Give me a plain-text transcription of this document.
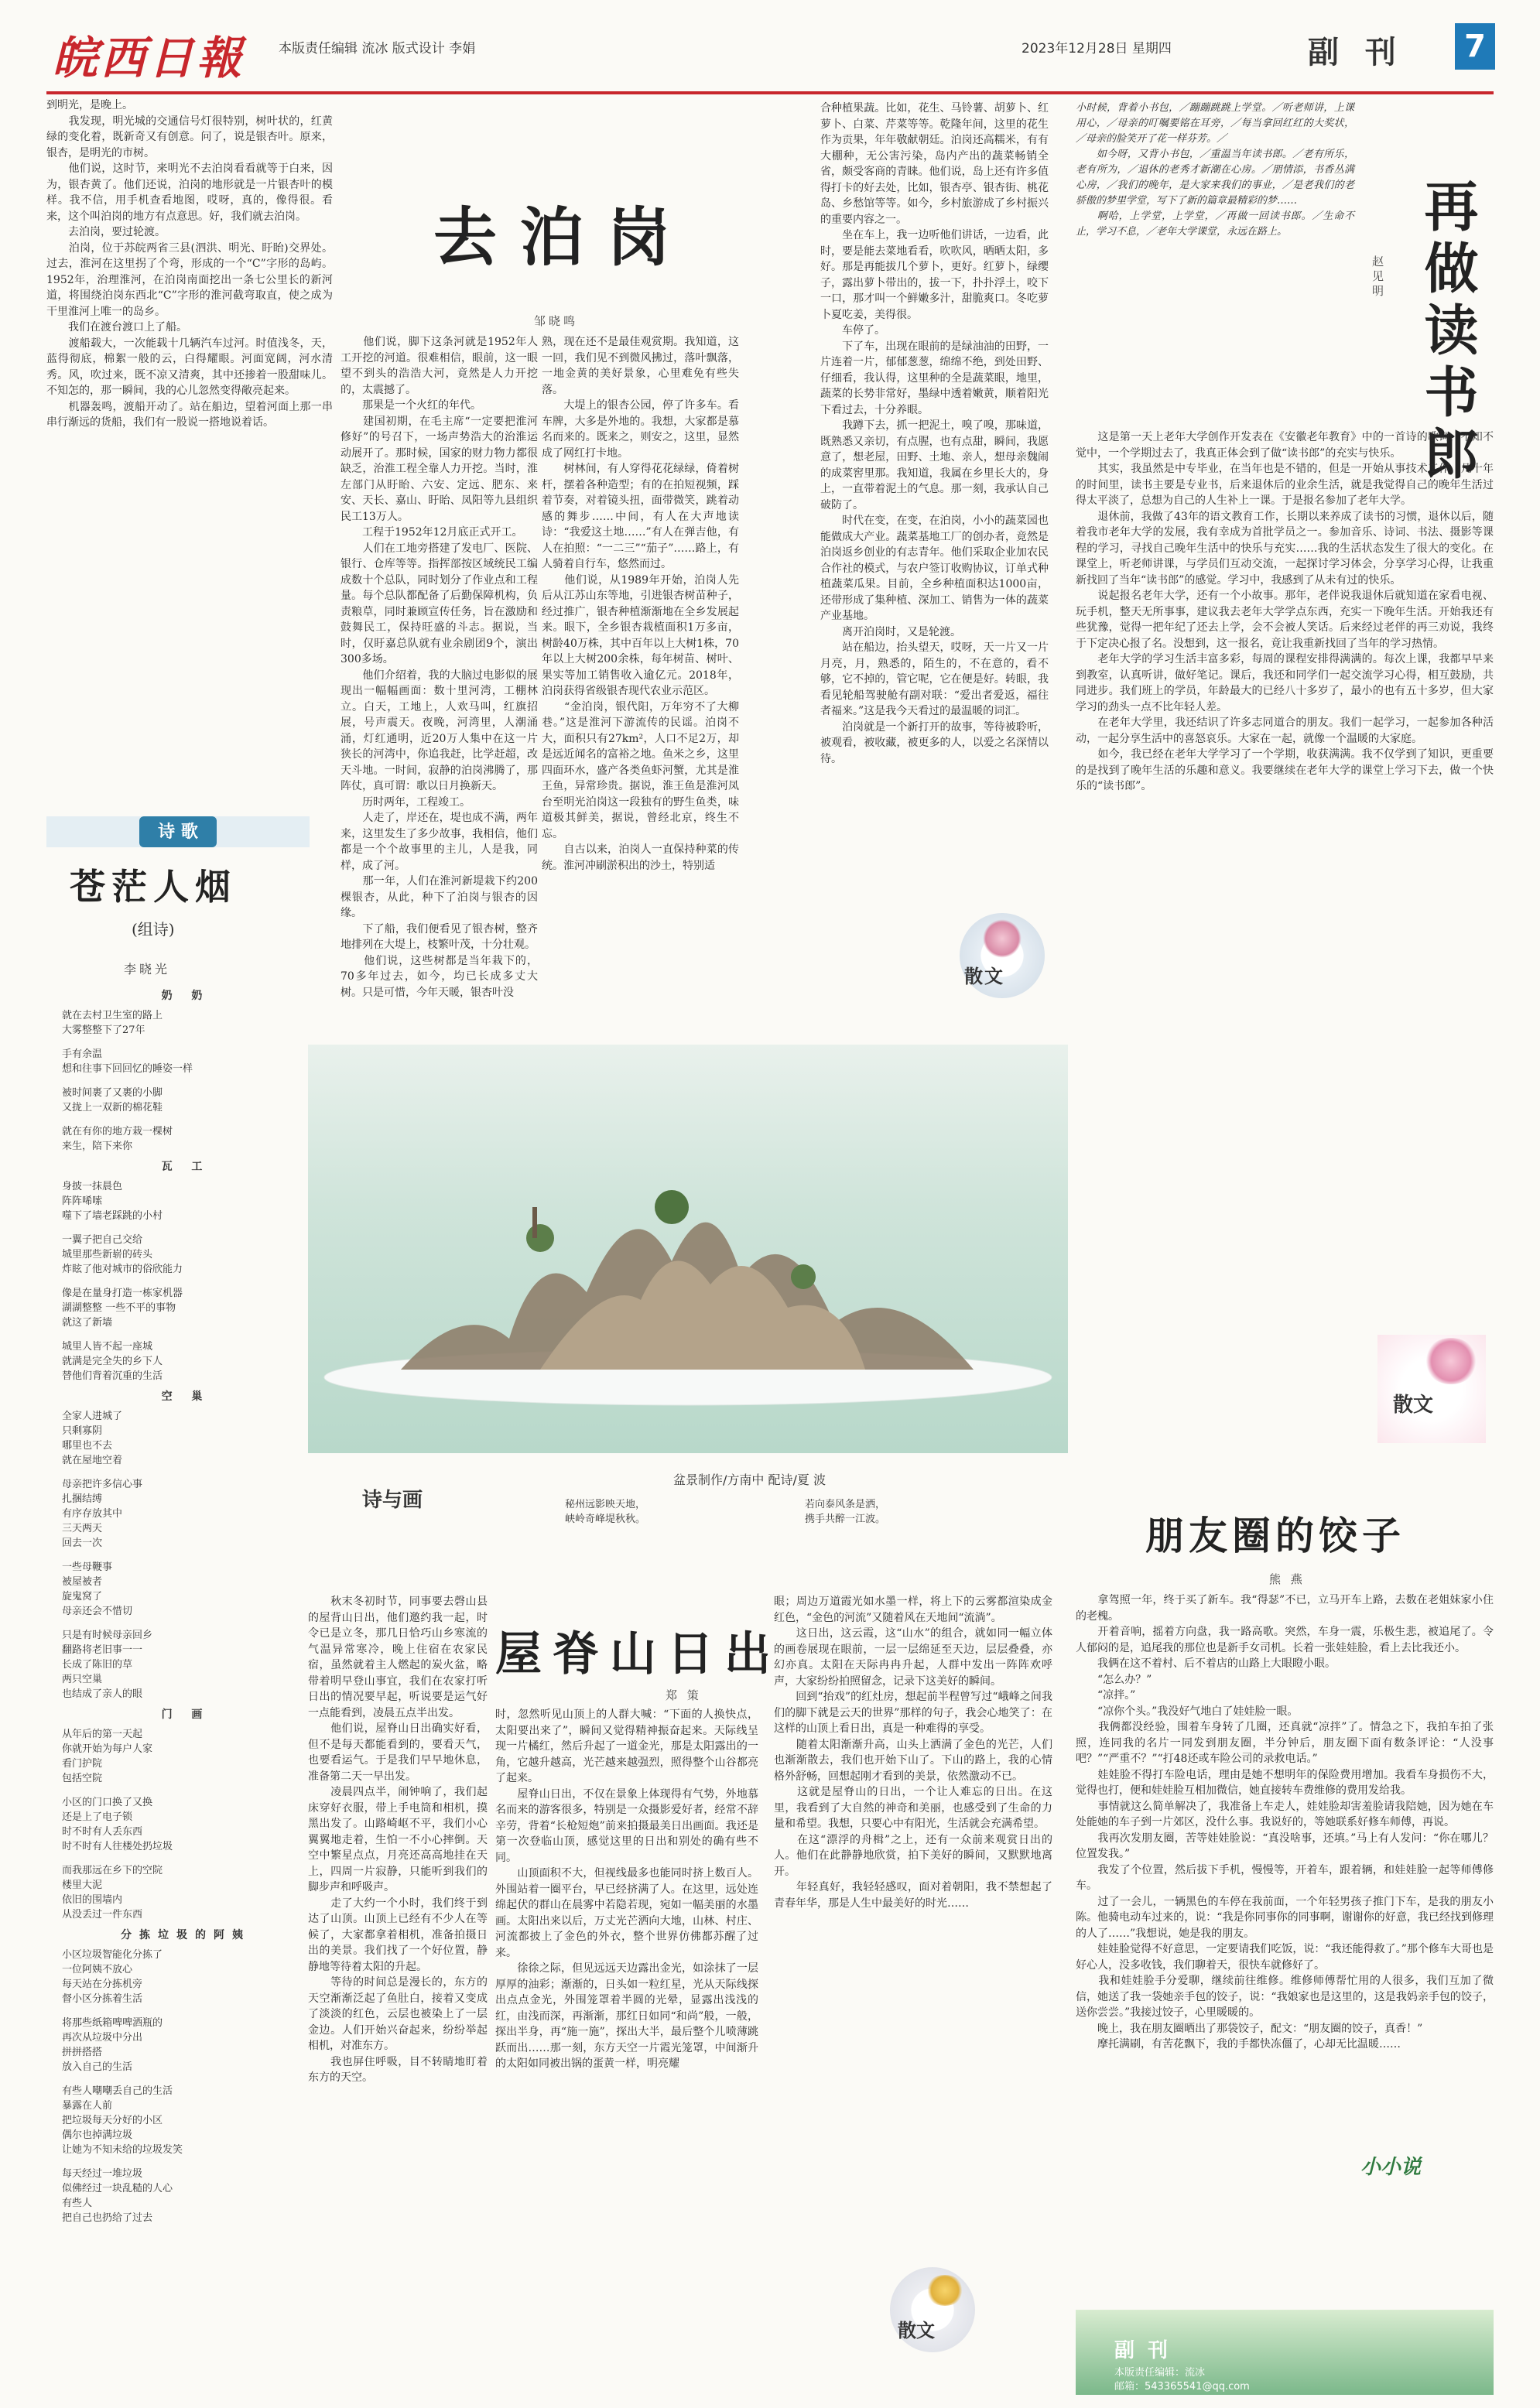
皖西日報	本版责任编辑 流冰 版式设计 李娟	2023年12月28日 星期四	副 刊	7
到明光，是晚上。
　　我发现，明光城的交通信号灯很特别，树叶状的，红黄绿的变化着，既新奇又有创意。问了，说是银杏叶。原来，银杏，是明光的市树。
　　他们说，这时节，来明光不去泊岗看看就等于白来，因为，银杏黄了。他们还说，泊岗的地形就是一片银杏叶的模样。我不信，用手机查看地图，哎呀，真的，像得很。看来，这个叫泊岗的地方有点意思。好，我们就去泊岗。
　　去泊岗，要过轮渡。
　　泊岗，位于苏皖两省三县(泗洪、明光、盱眙)交界处。过去，淮河在这里拐了个弯，形成的一个“C”字形的岛屿。1952年，治理淮河，在泊岗南面挖出一条七公里长的新河道，将围绕泊岗东西北“C”字形的淮河截弯取直，使之成为干里淮河上唯一的岛乡。
　　我们在渡台渡口上了船。
　　渡船载大，一次能载十几辆汽车过河。时值浅冬，天，蓝得彻底，棉絮一般的云，白得耀眼。河面宽阔，河水清秀。风，吹过来，既不凉又清爽，其中还掺着一股甜味儿。不知怎的，那一瞬间，我的心儿忽然变得敞亮起来。
　　机器轰鸣，渡船开动了。站在船边，望着河面上那一串串行渐远的货船，我们有一股说一搭地说着话。
去泊岗
邹晓鸣
　　他们说，脚下这条河就是1952年人工开挖的河道。很难相信，眼前，这一眼望不到头的浩浩大河，竟然是人力开挖的，太震撼了。
　　那果是一个火红的年代。
　　建国初期，在毛主席“一定要把淮河修好”的号召下，一场声势浩大的治淮运动展开了。那时候，国家的财力物力都很缺乏，治淮工程全靠人力开挖。当时，淮左部门从盱眙、六安、定远、肥东、来安、天长、嘉山、盱眙、凤阳等九县组织民工13万人。
　　工程于1952年12月底正式开工。
　　人们在工地旁搭建了发电厂、医院、银行、仓库等等。指挥部按区域统民工编成数十个总队，同时划分了作业点和工程量。每个总队都配备了后勤保障机构，负责粮草，同时兼顾宣传任务，旨在激励和鼓舞民工，保持旺盛的斗志。据说，当时，仅盱嘉总队就有业余剧团9个，演出300多场。
　　他们介绍着，我的大脑过电影似的展现出一幅幅画面：数十里河湾，工棚林立。白天，工地上，人欢马叫，红旗招展，号声震天。夜晚，河湾里，人潮涌涌，灯红通明，近20万人集中在这一片狭长的河湾中，你追我赶，比学赶超，改天斗地。一时间，寂静的泊岗沸腾了，那阵仗，真可谓：歌以日月换新天。
　　历时两年，工程竣工。
　　人走了，岸还在，堤也成不满，两年来，这里发生了多少故事，我相信，他们都是一个个故事里的主儿，人是我，同样，成了河。
　　那一年，人们在淮河新堤栽下约200棵银杏，从此，种下了泊岗与银杏的因缘。
　　下了船，我们便看见了银杏树，整齐地排列在大堤上，枝繁叶茂，十分壮观。
　　他们说，这些树都是当年栽下的，70多年过去，如今，均已长成多丈大树。只是可惜，今年天暖，银杏叶没
熟，现在还不是最佳观赏期。我知道，这一回，我们见不到微风拂过，落叶飘落，一地金黄的美好景象，心里难免有些失落。
　　大堤上的银杏公园，停了许多车。看车牌，大多是外地的。我想，大家都是慕名而来的。既来之，则安之，这里，显然成了网红打卡地。
　　树林间，有人穿得花花绿绿，倚着树杆，摆着各种造型；有的在拍短视频，踩着节奏，对着镜头扭，面带微笑，跳着动感的舞步……中间，有人在大声地读诗：“我爱这土地……”有人在弹吉他，有人在拍照：“一二三”“茄子”……路上，有人骑着自行车，悠然而过。
　　他们说，从1989年开始，泊岗人先后从江苏山东等地，引进银杏树苗种子，经过推广，银杏种植渐渐地在全乡发展起来。眼下，全乡银杏栽植面积1万多亩，树龄40万株，其中百年以上大树1株，70年以上大树200余株，每年树苗、树叶、果实等加工销售收入逾亿元。2018年，泊岗获得省级银杏现代农业示范区。
　　“金泊岗，银代阳，万年穷不了大柳巷。”这是淮河下游流传的民谣。泊岗不大，面积只有27km²，人口不足2万，却是远近闻名的富裕之地。鱼米之乡，这里四面环水，盛产各类鱼虾河蟹，尤其是淮王鱼，异常珍贵。据说，淮王鱼是淮河凤台至明光泊岗这一段独有的野生鱼类，味道极其鲜美，据说，曾经北京，终生不忘。
　　自古以来，泊岗人一直保持种菜的传统。淮河冲刷淤积出的沙土，特别适
合种植果蔬。比如，花生、马铃薯、胡萝卜、红萝卜、白菜、芹菜等等。乾隆年间，这里的花生作为贡果，年年敬献朝廷。泊岗还高糯米，有有大棚种，无公害污染，岛内产出的蔬菜畅销全省，颇受客商的青睐。他们说，岛上还有许多值得打卡的好去处，比如，银杏亭、银杏街、桃花岛、乡愁馆等等。如今，乡村旅游成了乡村振兴的重要内容之一。
　　坐在车上，我一边听他们讲话，一边看，此时，要是能去菜地看看，吹吹风，晒晒太阳，多好。那是再能拔几个萝卜，更好。红萝卜，绿缨子，露出萝卜带出的，拔一下，扑扑浮土，咬下一口，那才叫一个鲜嫩多汁，甜脆爽口。冬吃萝卜夏吃姜，美得很。
　　车停了。
　　下了车，出现在眼前的是绿油油的田野，一片连着一片，郁郁葱葱，绵绵不绝，到处田野、仔细看，我认得，这里种的全是蔬菜眼，地里，蔬菜的长势非常好，墨绿中透着嫩黄，顺着阳光下看过去，十分养眼。
　　我蹲下去，抓一把泥土，嗅了嗅，那味道，既熟悉又亲切，有点腥，也有点甜，瞬间，我愿意了，想老屋，田野、土地、亲人，想母亲魏闹的成菜窖里那。我知道，我属在乡里长大的，身上，一直带着泥土的气息。那一刻，我承认自己破防了。
　　时代在变，在变，在泊岗，小小的蔬菜园也能做成大产业。蔬菜基地工厂的创办者，竟然是泊岗返乡创业的有志青年。他们采取企业加农民合作社的模式，与农户签订收购协议，订单式种植蔬菜瓜果。目前，全乡种植面积达1000亩，还带形成了集种植、深加工、销售为一体的蔬菜产业基地。
　　离开泊岗时，又是轮渡。
　　站在船边，抬头望天，哎呀，天一片又一片月亮，月，熟悉的，陌生的，不在意的，看不够，它不掉的，管它呢，它在便是好。转眼，我看见轮船驾驶舱有副对联：“爱出者爱返，福往者福来。”这是我今天看过的最温暖的词汇。
　　泊岗就是一个新打开的故事，等待被聆听，被观看，被收藏，被更多的人，以爱之名深情以待。
散文
诗与画
盆景制作/方南中 配诗/夏 波
秘州远影映天地，
峡岭奇峰堤秋秋。
若向泰风条是洒，
携手共醉一江波。
诗 歌
苍茫人烟
(组诗)
李晓光
奶 奶
就在去村卫生室的路上
大雾整整下了27年
手有余温
想和往事下回回忆的睡姿一样
被时间裹了又裹的小脚
又拢上一双新的棉花鞋
就在有你的地方栽一棵树
来生，陪下来你
瓦 工
身披一抹晨色
阵阵唏嗦
噬下了墙老踩跳的小村
一翼子把自己交给
城里那些新崭的砖头
炸眩了他对城市的俗欣能力
像是在量身打造一栋家机器
湖湖整整 一些不平的事物
就这了新墙
城里人皆不起一座城
就满是完全失的乡下人
替他们背着沉重的生活
空 巢
全家人进城了
只剩寡阴
哪里也不去
就在屋地空着
母亲把许多信心事
扎捆结缚
有序存放其中
三天两天
回去一次
一些母鞭事
被屋被者
旋鬼窝了
母亲还会不惜切
只是有时候母亲回乡
翻路将老旧事一一
长成了陈旧的草
两只空巢
也结成了亲人的眼
门 画
从年后的第一天起
你就开始为每户人家
看门护院
包括空院
小区的门口换了又换
还是上了电子锁
时不时有人丢东西
时不时有人往楼处扔垃圾
而我那远在乡下的空院
楼里大泥
依旧的围墙内
从没丢过一件东西
分拣垃圾的阿姨
小区垃圾智能化分拣了
一位阿姨不放心
每天站在分拣机旁
督小区分拣着生活
将那些纸箱啤啤酒瓶的
再次从垃圾中分出
拼拼搭搭
放入自己的生活
有些人嘲嘲丢自己的生活
暴露在人前
把垃圾每天分好的小区
偶尔也掉满垃圾
让她为不知未给的垃圾发笑
每天经过一堆垃圾
似佛经过一块乱糙的人心
有些人
把自己也扔给了过去
小时候，背着小书包，／蹦蹦跳跳上学堂。／听老师讲，上课用心，／母亲的叮嘱要铭在耳旁，／每当拿回红红的大奖状，／母亲的脸笑开了花一样芬芳。／
　　如今呀，又背小书包，／重温当年读书郎。／老有所乐，老有所为，／退休的老秀才新潮在心房。／朋情添，书香丛满心房，／我们的晚年，是大家来我们的事业，／是老我们的老骄傲的梦里学堂，写下了新的篇章最精彩的梦……
　　啊哈，上学堂，上学堂，／再做一回读书郎。／生命不止，学习不息，／老年大学课堂，永远在路上。	再做读书郎
赵见明
　　这是第一天上老年大学创作开发表在《安徽老年教育》中的一首诗的歌词，不知不觉中，一个学期过去了，我真正体会到了做“读书郎”的充实与快乐。
　　其实，我虽然是中专毕业，在当年也是不错的，但是一开始从事技术工作，几十年的时间里，读书主要是专业书，后来退休后的业余生活，就是我觉得自己的晚年生活过得太平淡了，总想为自己的人生补上一课。于是报名参加了老年大学。
　　退休前，我做了43年的语文教育工作，长期以来养成了读书的习惯，退休以后，随着我市老年大学的发展，我有幸成为首批学员之一。参加音乐、诗词、书法、摄影等课程的学习，寻找自己晚年生活中的快乐与充实……我的生活状态发生了很大的变化。在课堂上，听老师讲课，与学员们互动交流，一起探讨学习体会，分享学习心得，让我重新找回了当年“读书郎”的感觉。学习中，我感到了从未有过的快乐。
　　说起报名老年大学，还有一个小故事。那年，老伴说我退休后就知道在家看电视、玩手机，整天无所事事，建议我去老年大学学点东西，充实一下晚年生活。开始我还有些犹豫，觉得一把年纪了还去上学，会不会被人笑话。后来经过老伴的再三劝说，我终于下定决心报了名。没想到，这一报名，竟让我重新找回了当年的学习热情。
　　老年大学的学习生活丰富多彩，每周的课程安排得满满的。每次上课，我都早早来到教室，认真听讲，做好笔记。课后，我还和同学们一起交流学习心得，相互鼓励，共同进步。我们班上的学员，年龄最大的已经八十多岁了，最小的也有五十多岁，但大家学习的劲头一点不比年轻人差。
　　在老年大学里，我还结识了许多志同道合的朋友。我们一起学习，一起参加各种活动，一起分享生活中的喜怒哀乐。大家在一起，就像一个温暖的大家庭。
　　如今，我已经在老年大学学习了一个学期，收获满满。我不仅学到了知识，更重要的是找到了晚年生活的乐趣和意义。我要继续在老年大学的课堂上学习下去，做一个快乐的“读书郎”。
散文
朋友圈的饺子
熊 燕
　　拿驾照一年，终于买了新车。我“得瑟”不已，立马开车上路，去数在老姐妹家小住的老槐。
　　开着音响，摇着方向盘，我一路高歌。突然，车身一震，乐极生悲，被追尾了。令人郁闷的是，追尾我的那位也是新手女司机。长着一张娃娃脸，看上去比我还小。
　　我俩在这不着村、后不着店的山路上大眼瞪小眼。
　　“怎么办？”
　　“凉拌。”
　　“凉你个头。”我没好气地白了娃娃脸一眼。
　　我俩都没经验，围着车身转了几圈，还真就“凉拌”了。情急之下，我拍车拍了张照，连同我的名片一同发到朋友圈，半分钟后，朋友圈下面有数条评论：“人没事吧？”“严重不？”“打48还或车险公司的录救电话。”
　　娃娃脸不得打车险电话，理由是她不想明年的保险费用增加。我看车身损伤不大，觉得也打，便和娃娃脸互相加微信，她直接转车费维修的费用发给我。
　　事情就这么简单解决了，我准备上车走人，娃娃脸却害羞脸请我陪她，因为她在车处能她的车子到一片郊区，没什么事。我说好的，等她联系好修车师傅，再说。
　　我再次发朋友圈，苦等娃娃脸说：“真没啥事，还填。”马上有人发问：“你在哪儿？位置发我。”
　　我发了个位置，然后拔下手机，慢慢等，开着车，跟着辆，和娃娃脸一起等师傅修车。
　　过了一会儿，一辆黑色的车停在我前面，一个年轻男孩子推门下车，是我的朋友小陈。他骑电动车过来的，说：“我是你同事你的同事啊，谢谢你的好意，我已经找到修理的人了……”我想说，她是我的朋友。
　　娃娃脸觉得不好意思，一定要请我们吃饭，说：“我还能得救了。”那个修车大哥也是好心人，没多收钱，我们聊着天，很快车就修好了。
　　我和娃娃脸手分爱聊，继续前往维修。维修师傅帮忙用的人很多，我们互加了微信，她送了我一袋她亲手包的饺子，说：“我娘家也是这里的，这是我妈亲手包的饺子，送你尝尝。”我接过饺子，心里暖暖的。
　　晚上，我在朋友圈晒出了那袋饺子，配文：“朋友圈的饺子，真香！”
　　摩托满刷，有苦花飘下，我的手都快冻僵了，心却无比温暖……
小小说
屋脊山日出
郑 策
　　秋末冬初时节，同事要去磬山县的屋背山日出，他们邀约我一起，时令已是立冬，那几日恰巧山乡寒流的气温异常寒冷，晚上住宿在农家民宿，虽然就着主人燃起的炭火盆，略带着明早登山事宜，我们在农家打听日出的情况要早起，听说要是运气好一点能看到，凌晨五点半出发。
　　他们说，屋脊山日出确实好看，但不是每天都能看到的，要看天气，也要看运气。于是我们早早地休息，准备第二天一早出发。
　　凌晨四点半，闹钟响了，我们起床穿好衣服，带上手电筒和相机，摸黑出发了。山路崎岖不平，我们小心翼翼地走着，生怕一不小心摔倒。天空中繁星点点，月亮还高高地挂在天上，四周一片寂静，只能听到我们的脚步声和呼吸声。
　　走了大约一个小时，我们终于到达了山顶。山顶上已经有不少人在等候了，大家都拿着相机，准备拍摄日出的美景。我们找了一个好位置，静静地等待着太阳的升起。
　　等待的时间总是漫长的，东方的天空渐渐泛起了鱼肚白，接着又变成了淡淡的红色，云层也被染上了一层金边。人们开始兴奋起来，纷纷举起相机，对准东方。
　　我也屏住呼吸，目不转睛地盯着东方的天空。
时，忽然听见山顶上的人群大喊：“下面的人换快点，太阳要出来了”，瞬间又觉得精神振奋起来。天际线呈现一片橘红，然后升起了一道金光，那是太阳露出的一角，它越升越高，光芒越来越强烈，照得整个山谷都亮了起来。
　　屋脊山日出，不仅在景象上体现得有气势，外地慕名而来的游客很多，特别是一众摄影爱好者，经常不辞辛劳，背着“长枪短炮”前来拍摄最美日出画面。我还是第一次登临山顶，感觉这里的日出和别处的确有些不同。
　　山顶面积不大，但视线最多也能同时挤上数百人。外围站着一圈平台，早已经挤满了人。在这里，远处连绵起伏的群山在晨雾中若隐若现，宛如一幅美丽的水墨画。太阳出来以后，万丈光芒洒向大地，山林、村庄、河流都披上了金色的外衣，整个世界仿佛都苏醒了过来。
　　徐徐之际，但见远远天边露出金光，如涂抹了一层厚厚的油彩；渐渐的，日头如一粒红星，光从天际线探出点点金光，外围笼罩着半圆的光晕，显露出浅浅的红，由浅而深，再渐渐，那红日如同“和尚”般，一般，探出半身，再“施一施”，探出大半，最后整个儿喷薄跳跃而出……那一刻，东方天空一片霞光笼罩，中间渐升的太阳如同被出锅的蛋黄一样，明亮耀
眼；周边万道霞光如水墨一样，将上下的云雾都渲染成金红色，“金色的河流”又随着风在天地间“流淌”。
　　这日出，这云霞，这“山水”的组合，就如同一幅立体的画卷展现在眼前，一层一层绵延至天边，层层叠叠，亦幻亦真。太阳在天际冉冉升起，人群中发出一阵阵欢呼声，大家纷纷拍照留念，记录下这美好的瞬间。
　　回到“抬戏”的红灶房，想起前半程曾写过“峨峰之间我们的脚下就是云天的世界”那样的句子，我会心地笑了：在这样的山顶上看日出，真是一种难得的享受。
　　随着太阳渐渐升高，山头上洒满了金色的光芒，人们也渐渐散去，我们也开始下山了。下山的路上，我的心情格外舒畅，回想起刚才看到的美景，依然激动不已。
　　这就是屋脊山的日出，一个让人难忘的日出。在这里，我看到了大自然的神奇和美丽，也感受到了生命的力量和希望。我想，只要心中有阳光，生活就会充满希望。
　　在这“漂浮的舟楫”之上，还有一众前来观赏日出的人。他们在此静静地欣赏，拍下美好的瞬间，又默默地离开。
　　年轻真好，我轻轻感叹，面对着朝阳，我不禁想起了青春年华，那是人生中最美好的时光……
散文
副 刊
本版责任编辑：流冰
邮箱：543365541@qq.com
